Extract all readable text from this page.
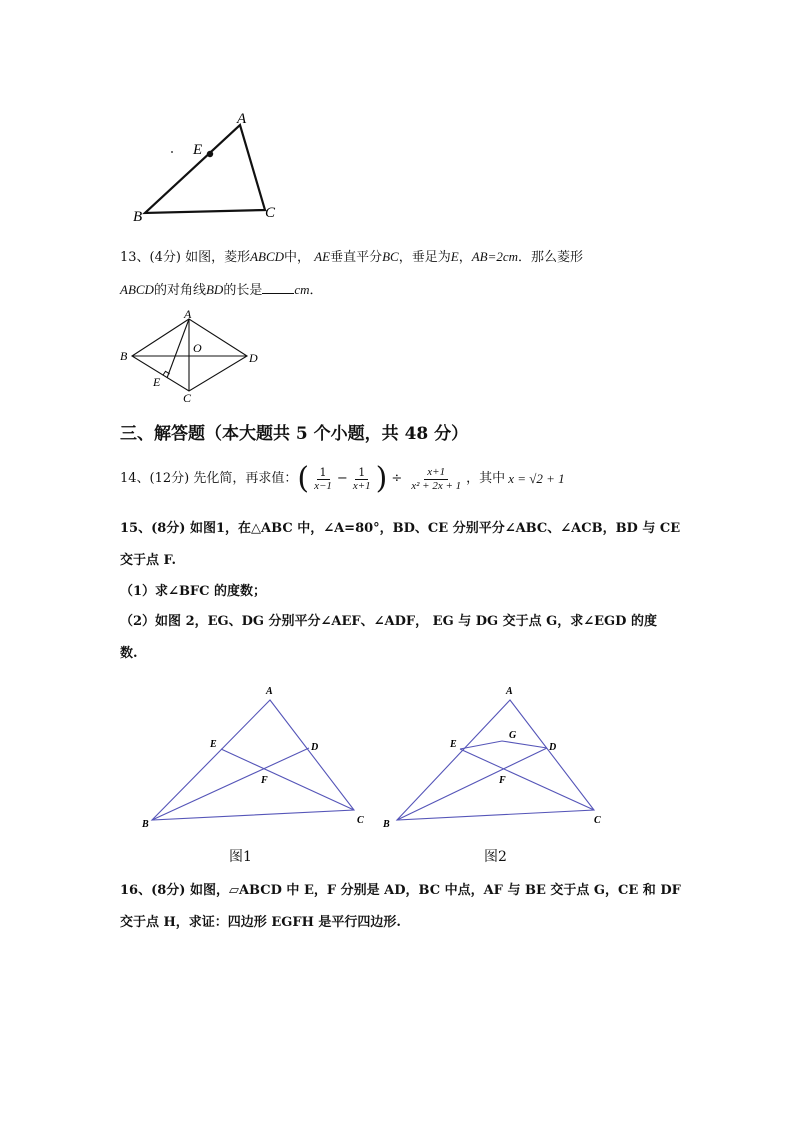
A
E
B	C
13、(4分) 如图，菱形ABCD中， AE垂直平分BC，垂足为E，AB=2cm．那么菱形
ABCD的对角线BD的长是 cm．
A
B
O
D
E
C
三、解答题（本大题共 5 个小题，共 48 分）
14、(12分) 先化简，再求值： ( $\frac{1}{x-1} - \frac{1}{x+1}$ ) ÷ $\frac{x+1}{\text{x² + 2x + 1}}$ ，其中 x = √2 + 1
15、(8分) 如图1，在△ABC 中，∠A=80°，BD、CE 分别平分∠ABC、∠ACB，BD 与 CE
交于点 F.
（1）求∠BFC 的度数；
（2）如图 2，EG、DG 分别平分∠AEF、∠ADF， EG 与 DG 交于点 G，求∠EGD 的度
数.
A
E	D
F
B	C
图1
A
G
E	D
F
B	C
图2
16、(8分) 如图，▱ABCD 中 E，F 分别是 AD，BC 中点，AF 与 BE 交于点 G，CE 和 DF
交于点 H，求证：四边形 EGFH 是平行四边形.
